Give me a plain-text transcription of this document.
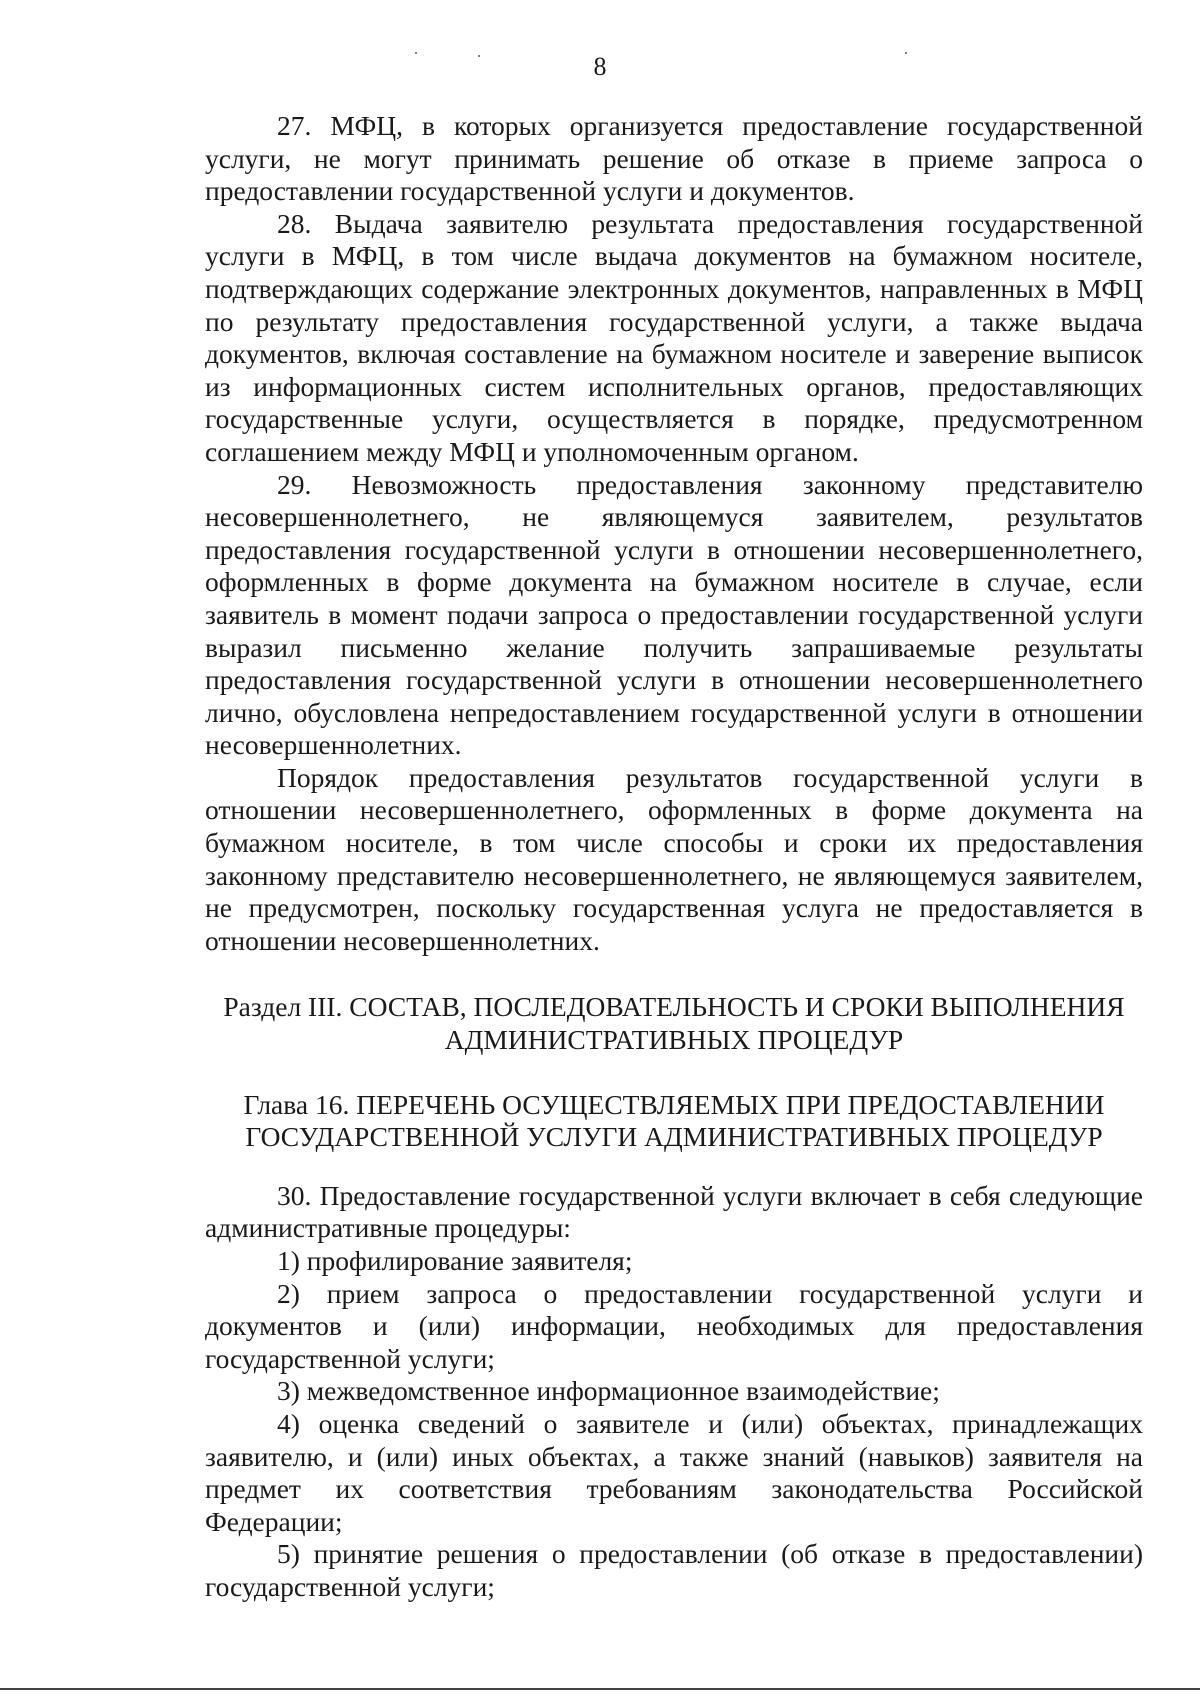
8

27. МФЦ, в которых организуется предоставление государственной услуги, не могут принимать решение об отказе в приеме запроса о предоставлении государственной услуги и документов.

28. Выдача заявителю результата предоставления государственной услуги в МФЦ, в том числе выдача документов на бумажном носителе, подтверждающих содержание электронных документов, направленных в МФЦ по результату предоставления государственной услуги, а также выдача документов, включая составление на бумажном носителе и заверение выписок из информационных систем исполнительных органов, предоставляющих государственные услуги, осуществляется в порядке, предусмотренном соглашением между МФЦ и уполномоченным органом.

29. Невозможность предоставления законному представителю несовершеннолетнего, не являющемуся заявителем, результатов предоставления государственной услуги в отношении несовершеннолетнего, оформленных в форме документа на бумажном носителе в случае, если заявитель в момент подачи запроса о предоставлении государственной услуги выразил письменно желание получить запрашиваемые результаты предоставления государственной услуги в отношении несовершеннолетнего лично, обусловлена непредоставлением государственной услуги в отношении несовершеннолетних.

Порядок предоставления результатов государственной услуги в отношении несовершеннолетнего, оформленных в форме документа на бумажном носителе, в том числе способы и сроки их предоставления законному представителю несовершеннолетнего, не являющемуся заявителем, не предусмотрен, поскольку государственная услуга не предоставляется в отношении несовершеннолетних.

Раздел III. СОСТАВ, ПОСЛЕДОВАТЕЛЬНОСТЬ И СРОКИ ВЫПОЛНЕНИЯ
АДМИНИСТРАТИВНЫХ ПРОЦЕДУР
Глава 16. ПЕРЕЧЕНЬ ОСУЩЕСТВЛЯЕМЫХ ПРИ ПРЕДОСТАВЛЕНИИ
ГОСУДАРСТВЕННОЙ УСЛУГИ АДМИНИСТРАТИВНЫХ ПРОЦЕДУР

30. Предоставление государственной услуги включает в себя следующие административные процедуры:

1) профилирование заявителя;

2) прием запроса о предоставлении государственной услуги и документов и (или) информации, необходимых для предоставления государственной услуги;

3) межведомственное информационное взаимодействие;

4) оценка сведений о заявителе и (или) объектах, принадлежащих заявителю, и (или) иных объектах, а также знаний (навыков) заявителя на предмет их соответствия требованиям законодательства Российской Федерации;

5) принятие решения о предоставлении (об отказе в предоставлении) государственной услуги;
